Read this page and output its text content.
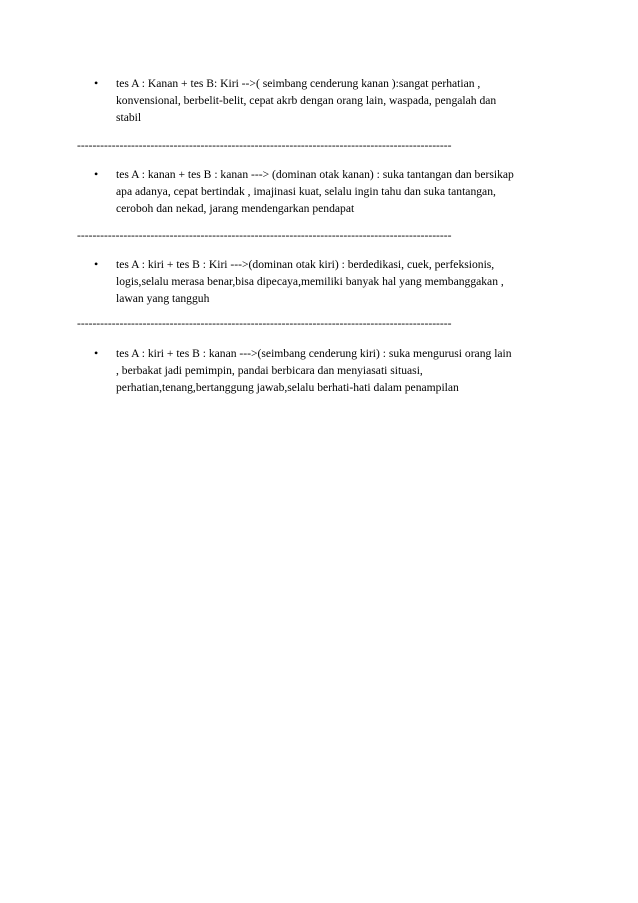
•	tes A : Kanan + tes B: Kiri -->( seimbang cenderung kanan ):sangat perhatian ,
konvensional, berbelit-belit, cepat akrb dengan orang lain, waspada, pengalah dan
stabil
-------------------------------------------------------------------------------------------------
•	tes A : kanan + tes B : kanan ---> (dominan otak kanan) : suka tantangan dan bersikap
apa adanya, cepat bertindak , imajinasi kuat, selalu ingin tahu dan suka tantangan,
ceroboh dan nekad, jarang mendengarkan pendapat
-------------------------------------------------------------------------------------------------
•	tes A : kiri + tes B : Kiri --->(dominan otak kiri) : berdedikasi, cuek, perfeksionis,
logis,selalu merasa benar,bisa dipecaya,memiliki banyak hal yang membanggakan ,
lawan yang tangguh
-------------------------------------------------------------------------------------------------
•	tes A : kiri + tes B : kanan --->(seimbang cenderung kiri) : suka mengurusi orang lain
, berbakat jadi pemimpin, pandai berbicara dan menyiasati situasi,
perhatian,tenang,bertanggung jawab,selalu berhati-hati dalam penampilan
